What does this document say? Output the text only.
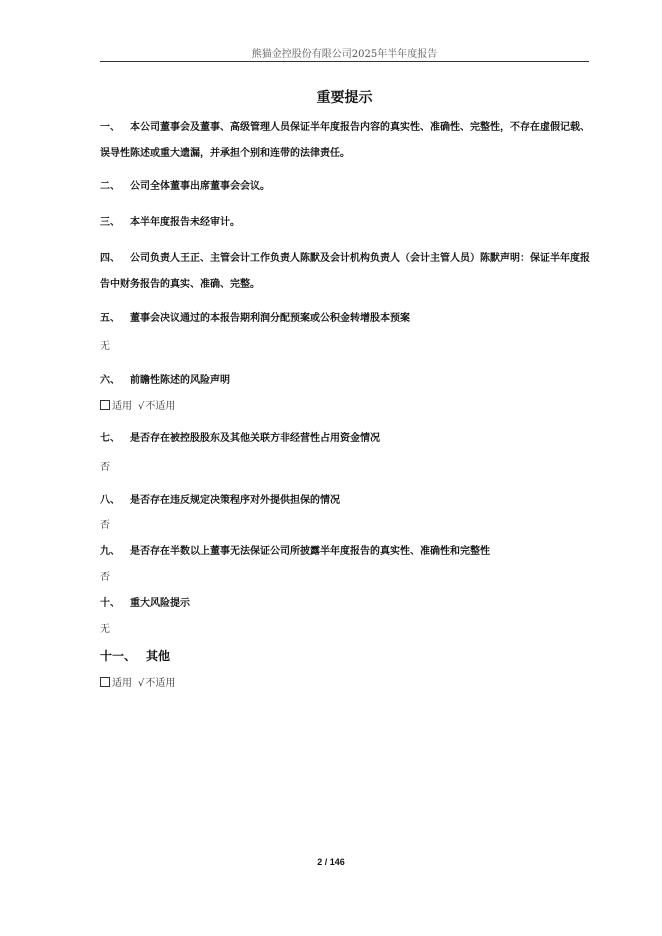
熊猫金控股份有限公司2025年半年度报告
重要提示
一、 本公司董事会及董事、高级管理人员保证半年度报告内容的真实性、准确性、完整性，不存在虚假记载、误导性陈述或重大遗漏，并承担个别和连带的法律责任。
二、 公司全体董事出席董事会会议。
三、 本半年度报告未经审计。
四、 公司负责人王正、主管会计工作负责人陈默及会计机构负责人（会计主管人员）陈默声明：保证半年度报告中财务报告的真实、准确、完整。
五、 董事会决议通过的本报告期利润分配预案或公积金转增股本预案
无
六、 前瞻性陈述的风险声明
适用 √不适用
七、 是否存在被控股股东及其他关联方非经营性占用资金情况
否
八、 是否存在违反规定决策程序对外提供担保的情况
否
九、 是否存在半数以上董事无法保证公司所披露半年度报告的真实性、准确性和完整性
否
十、 重大风险提示
无
十一、 其他
适用 √不适用
2 / 146
